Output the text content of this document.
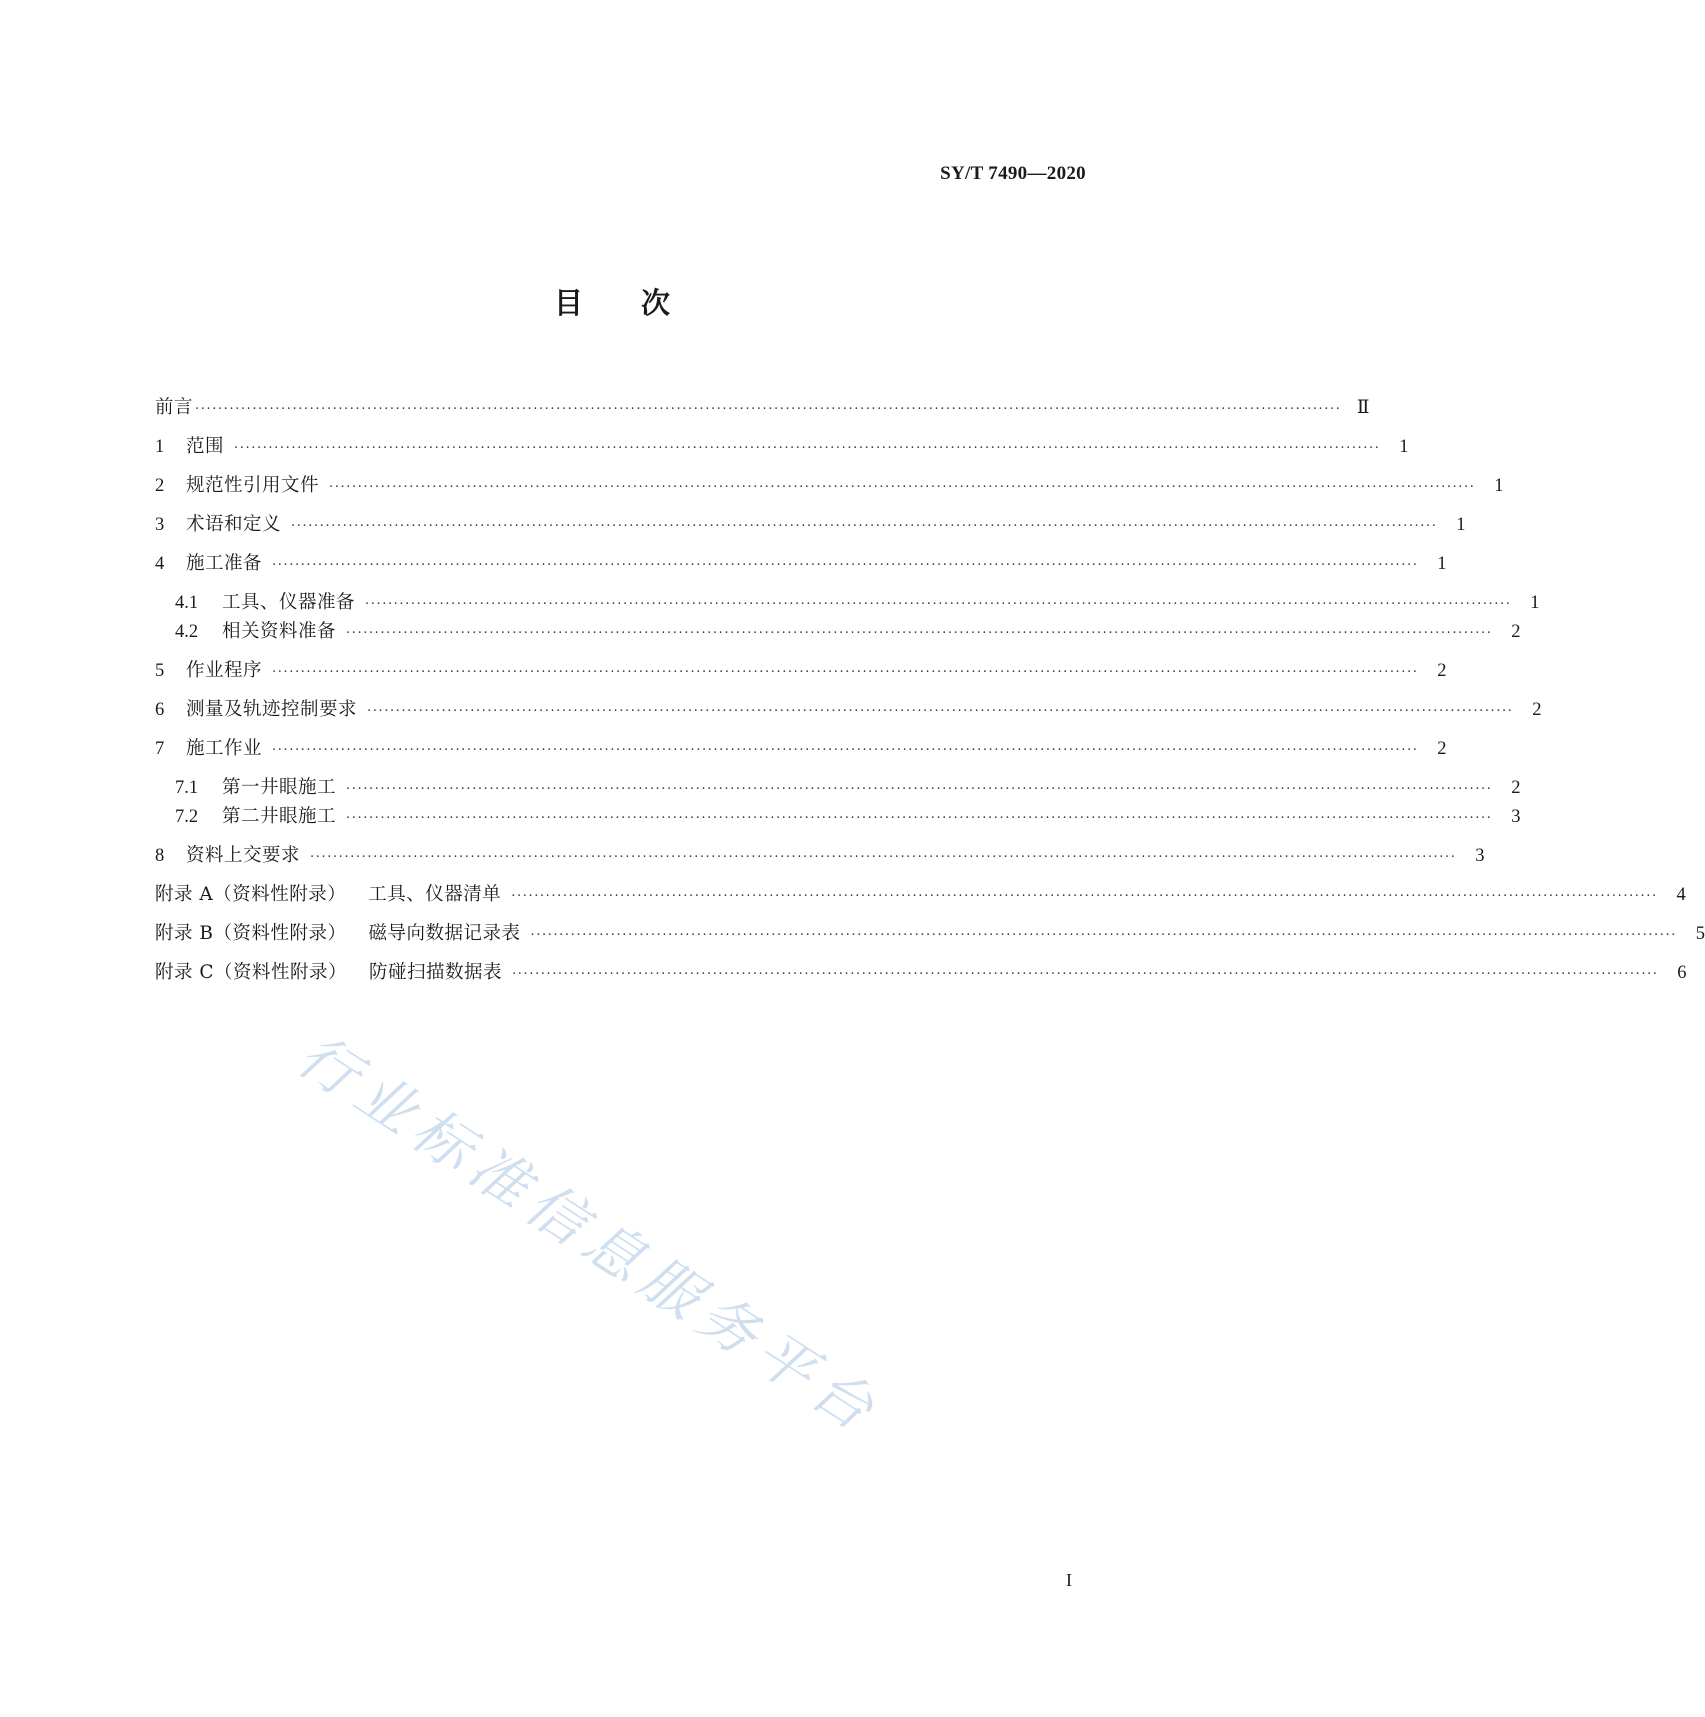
SY/T 7490—2020
目 次
前言 ........................................................................................................................................................................................................ Ⅱ
1	范围 ........................................................................................................................................................................................................	1
2	规范性引用文件 ........................................................................................................................................................................................................	1
3	术语和定义 ........................................................................................................................................................................................................	1
4	施工准备 ........................................................................................................................................................................................................	1
4.1	工具、仪器准备 ........................................................................................................................................................................................................	1
4.2	相关资料准备 ........................................................................................................................................................................................................	2
5	作业程序 ........................................................................................................................................................................................................	2
6	测量及轨迹控制要求 ........................................................................................................................................................................................................	2
7	施工作业 ........................................................................................................................................................................................................	2
7.1	第一井眼施工 ........................................................................................................................................................................................................	2
7.2	第二井眼施工 ........................................................................................................................................................................................................	3
8	资料上交要求 ........................................................................................................................................................................................................	3
附录 A（资料性附录） 工具、仪器清单 ........................................................................................................................................................................................................	4
附录 B（资料性附录） 磁导向数据记录表 ........................................................................................................................................................................................................	5
附录 C（资料性附录） 防碰扫描数据表 ........................................................................................................................................................................................................	6
行业标准信息服务平台
I
